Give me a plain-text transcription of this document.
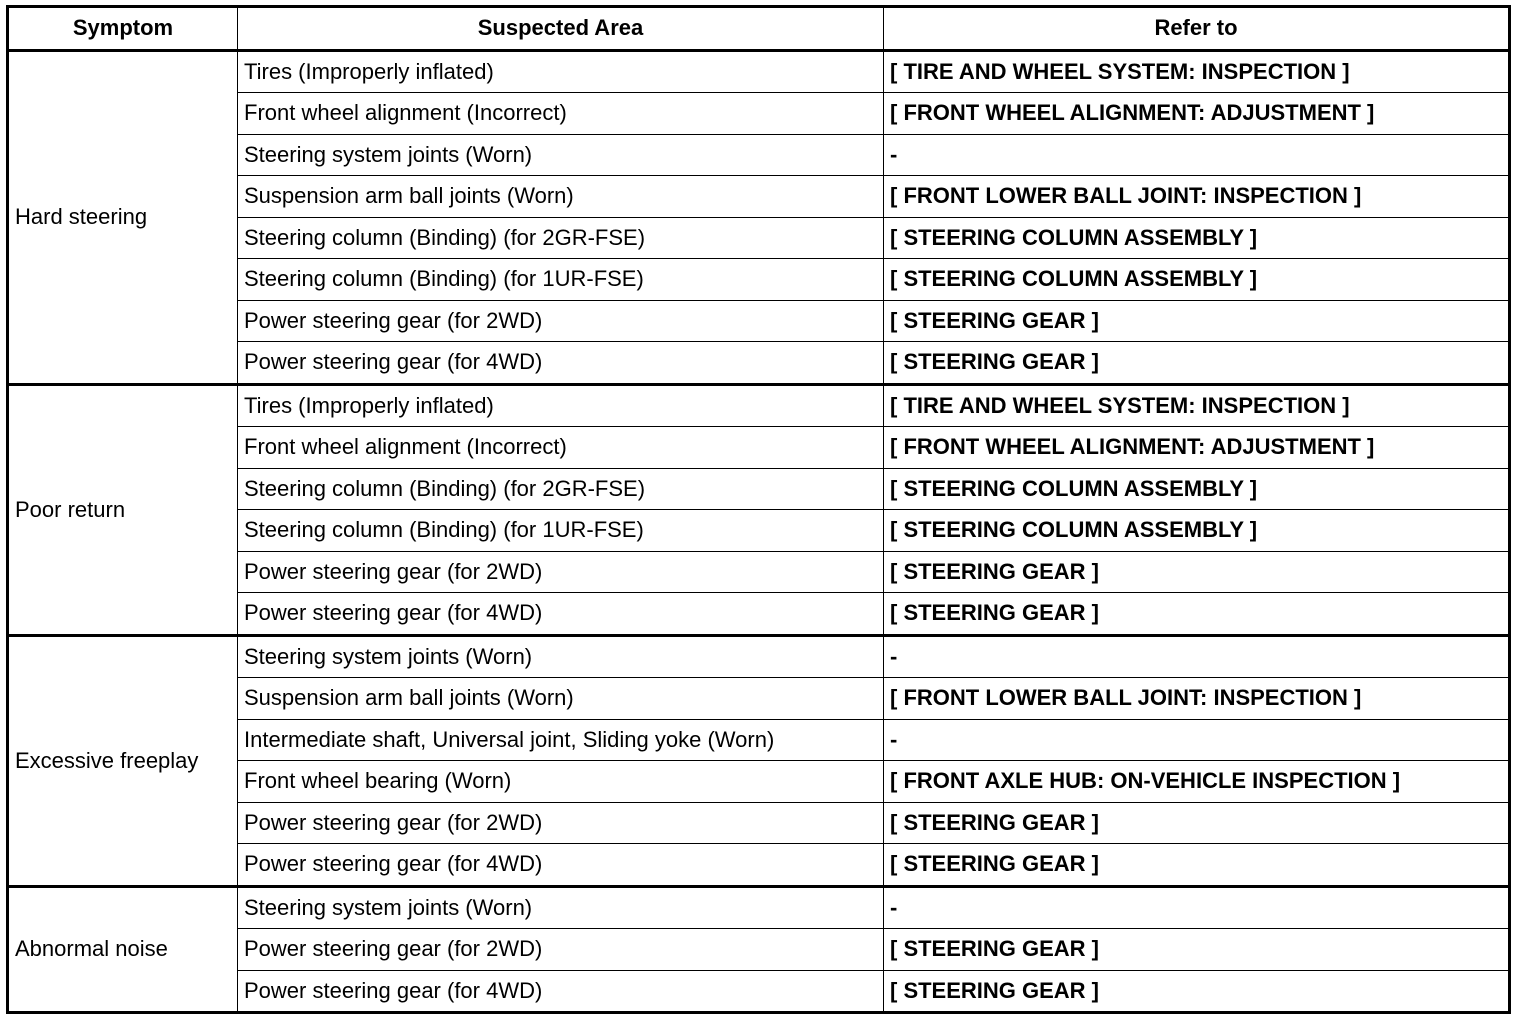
Symptom	Suspected Area	Refer to
Hard steering	Tires (Improperly inflated)	[ TIRE AND WHEEL SYSTEM: INSPECTION ]
	Front wheel alignment (Incorrect)	[ FRONT WHEEL ALIGNMENT: ADJUSTMENT ]
	Steering system joints (Worn)	-
	Suspension arm ball joints (Worn)	[ FRONT LOWER BALL JOINT: INSPECTION ]
	Steering column (Binding) (for 2GR-FSE)	[ STEERING COLUMN ASSEMBLY ]
	Steering column (Binding) (for 1UR-FSE)	[ STEERING COLUMN ASSEMBLY ]
	Power steering gear (for 2WD)	[ STEERING GEAR ]
	Power steering gear (for 4WD)	[ STEERING GEAR ]
Poor return	Tires (Improperly inflated)	[ TIRE AND WHEEL SYSTEM: INSPECTION ]
	Front wheel alignment (Incorrect)	[ FRONT WHEEL ALIGNMENT: ADJUSTMENT ]
	Steering column (Binding) (for 2GR-FSE)	[ STEERING COLUMN ASSEMBLY ]
	Steering column (Binding) (for 1UR-FSE)	[ STEERING COLUMN ASSEMBLY ]
	Power steering gear (for 2WD)	[ STEERING GEAR ]
	Power steering gear (for 4WD)	[ STEERING GEAR ]
Excessive freeplay	Steering system joints (Worn)	-
	Suspension arm ball joints (Worn)	[ FRONT LOWER BALL JOINT: INSPECTION ]
	Intermediate shaft, Universal joint, Sliding yoke (Worn)	-
	Front wheel bearing (Worn)	[ FRONT AXLE HUB: ON-VEHICLE INSPECTION ]
	Power steering gear (for 2WD)	[ STEERING GEAR ]
	Power steering gear (for 4WD)	[ STEERING GEAR ]
Abnormal noise	Steering system joints (Worn)	-
	Power steering gear (for 2WD)	[ STEERING GEAR ]
	Power steering gear (for 4WD)	[ STEERING GEAR ]
